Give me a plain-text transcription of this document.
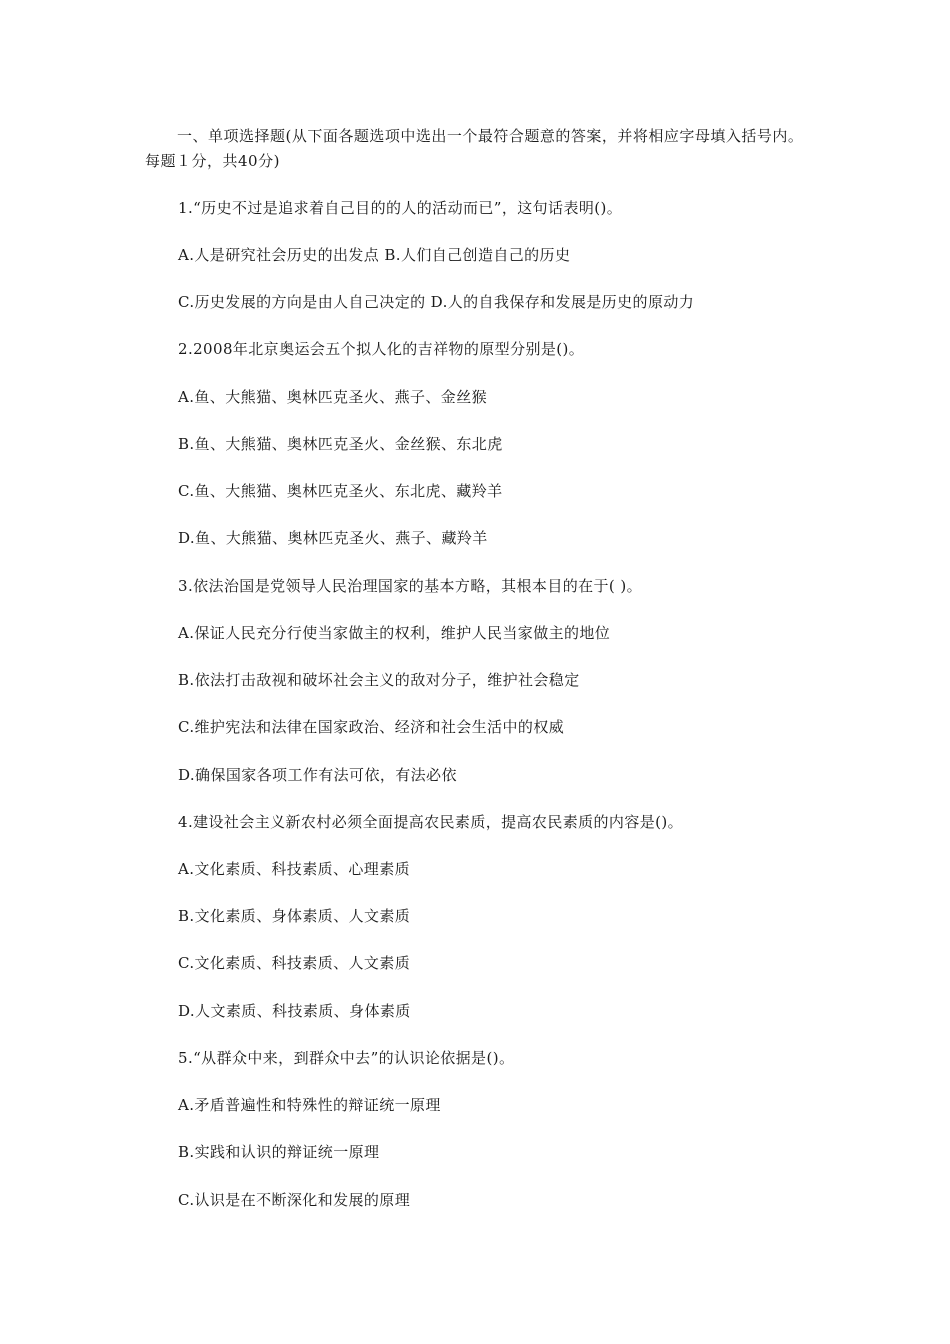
一、单项选择题(从下面各题选项中选出一个最符合题意的答案，并将相应字母填入括号内。每题１分，共40分)

1.“历史不过是追求着自己目的的人的活动而已”，这句话表明()。

A.人是研究社会历史的出发点 B.人们自己创造自己的历史

C.历史发展的方向是由人自己决定的 D.人的自我保存和发展是历史的原动力

2.2008年北京奥运会五个拟人化的吉祥物的原型分别是()。

A.鱼、大熊猫、奥林匹克圣火、燕子、金丝猴

B.鱼、大熊猫、奥林匹克圣火、金丝猴、东北虎

C.鱼、大熊猫、奥林匹克圣火、东北虎、藏羚羊

D.鱼、大熊猫、奥林匹克圣火、燕子、藏羚羊

3.依法治国是党领导人民治理国家的基本方略，其根本目的在于( )。

A.保证人民充分行使当家做主的权利，维护人民当家做主的地位

B.依法打击敌视和破坏社会主义的敌对分子，维护社会稳定

C.维护宪法和法律在国家政治、经济和社会生活中的权威

D.确保国家各项工作有法可依，有法必依

4.建设社会主义新农村必须全面提高农民素质，提高农民素质的内容是()。

A.文化素质、科技素质、心理素质

B.文化素质、身体素质、人文素质

C.文化素质、科技素质、人文素质

D.人文素质、科技素质、身体素质

5.“从群众中来，到群众中去”的认识论依据是()。

A.矛盾普遍性和特殊性的辩证统一原理

B.实践和认识的辩证统一原理

C.认识是在不断深化和发展的原理
